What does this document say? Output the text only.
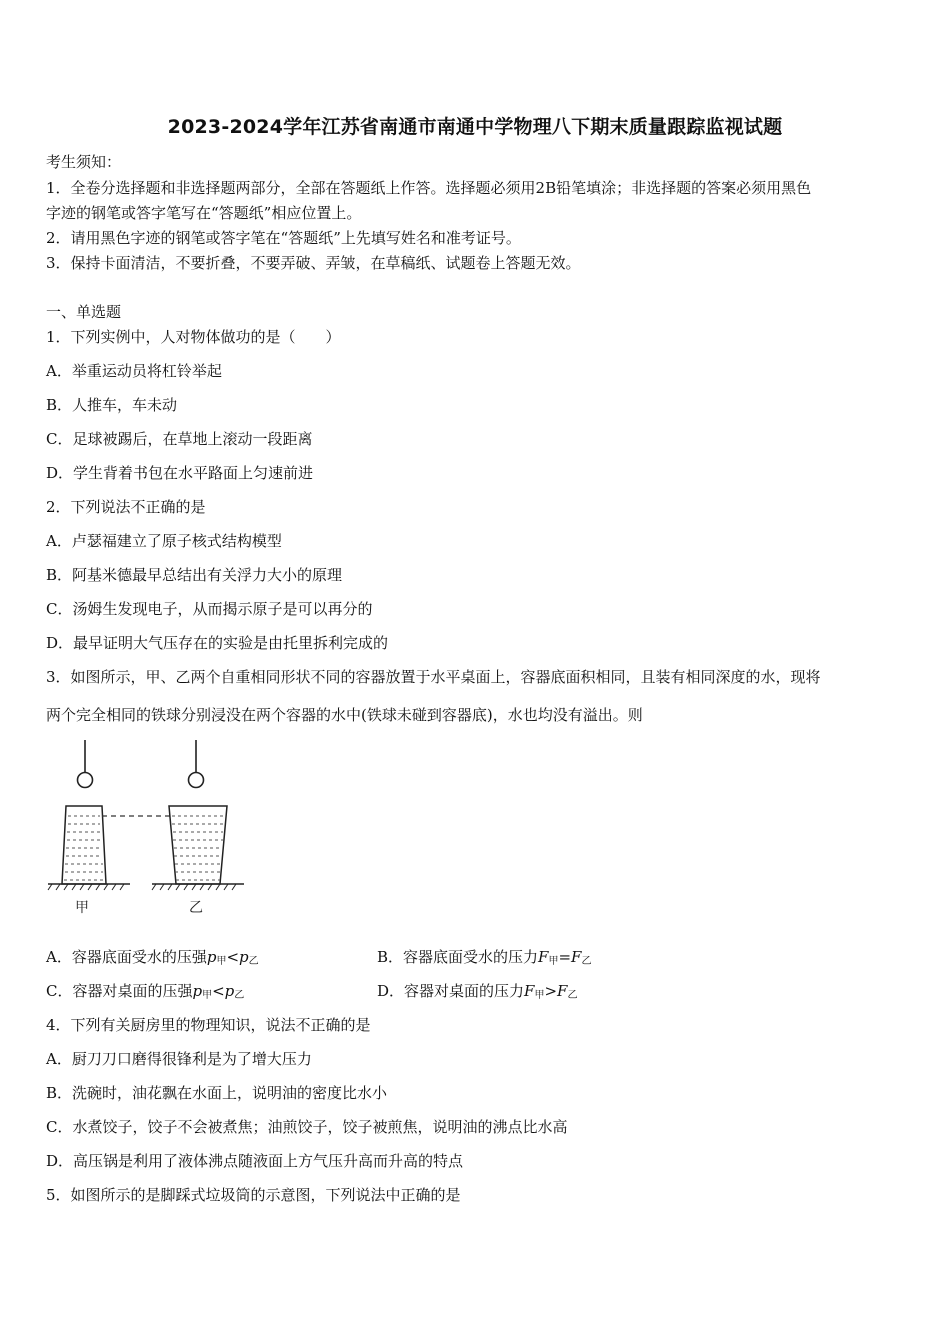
2023-2024学年江苏省南通市南通中学物理八下期末质量跟踪监视试题
考生须知：
1．全卷分选择题和非选择题两部分，全部在答题纸上作答。选择题必须用2B铅笔填涂；非选择题的答案必须用黑色
字迹的钢笔或答字笔写在“答题纸”相应位置上。
2．请用黑色字迹的钢笔或答字笔在“答题纸”上先填写姓名和准考证号。
3．保持卡面清洁，不要折叠，不要弄破、弄皱，在草稿纸、试题卷上答题无效。
一、单选题
1．下列实例中，人对物体做功的是（　　）
A．举重运动员将杠铃举起
B．人推车，车未动
C．足球被踢后，在草地上滚动一段距离
D．学生背着书包在水平路面上匀速前进
2．下列说法不正确的是
A．卢瑟福建立了原子核式结构模型
B．阿基米德最早总结出有关浮力大小的原理
C．汤姆生发现电子，从而揭示原子是可以再分的
D．最早证明大气压存在的实验是由托里拆利完成的
3．如图所示，甲、乙两个自重相同形状不同的容器放置于水平桌面上，容器底面积相同，且装有相同深度的水，现将
两个完全相同的铁球分别浸没在两个容器的水中(铁球未碰到容器底)，水也均没有溢出。则
甲	乙
A．容器底面受水的压强$p_甲<p_乙$	B．容器底面受水的压力$F_甲=F_乙$
C．容器对桌面的压强$p_甲<p_乙$	D．容器对桌面的压力$F_甲>F_乙$
4．下列有关厨房里的物理知识，说法不正确的是
A．厨刀刀口磨得很锋利是为了增大压力
B．洗碗时，油花飘在水面上，说明油的密度比水小
C．水煮饺子，饺子不会被煮焦；油煎饺子，饺子被煎焦，说明油的沸点比水高
D．高压锅是利用了液体沸点随液面上方气压升高而升高的特点
5．如图所示的是脚踩式垃圾筒的示意图，下列说法中正确的是
